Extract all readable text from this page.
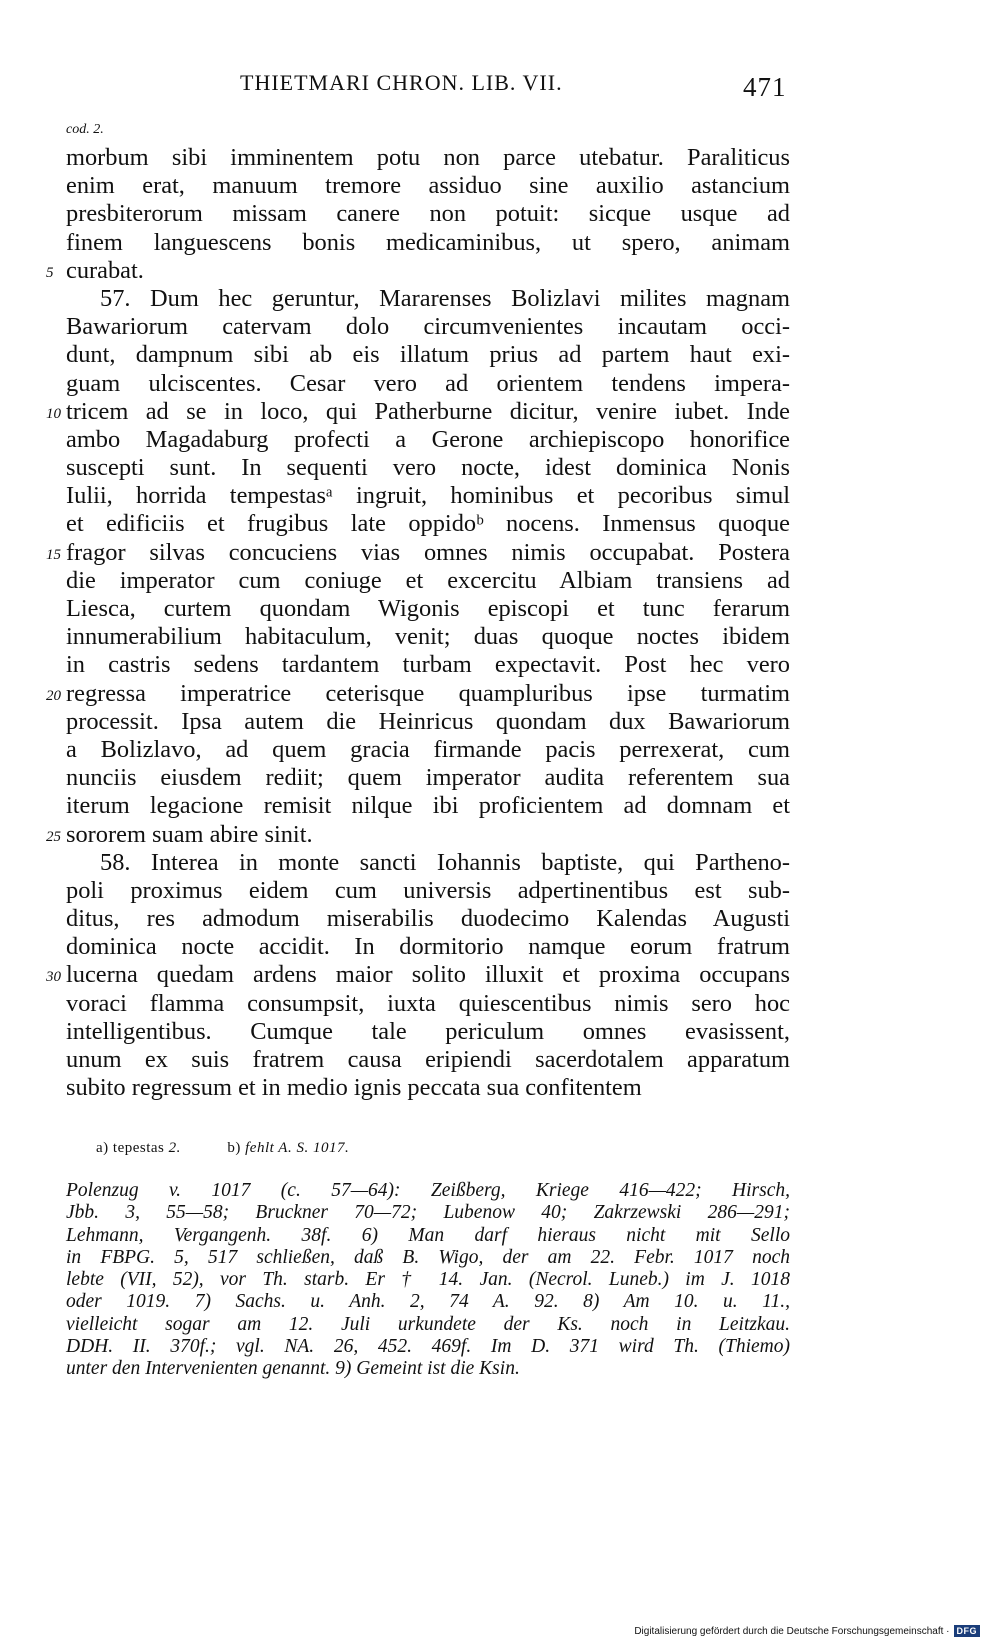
THIETMARI CHRON. LIB. VII.	471
cod. 2.
morbum sibi imminentem potu non parce utebatur. Paraliticus
enim erat, manuum tremore assiduo sine auxilio astancium
presbiterorum missam canere non potuit: sicque usque ad
finem languescens bonis medicaminibus, ut spero, animam
5 curabat.
57. Dum hec geruntur, Mararenses Bolizlavi milites magnam
Bawariorum catervam dolo circumvenientes incautam occi-
dunt, dampnum sibi ab eis illatum prius ad partem haut exi-
guam ulciscentes. Cesar vero ad orientem tendens impera-
10 tricem ad se in loco, qui Patherburne dicitur, venire iubet. Inde
ambo Magadaburg profecti a Gerone archiepiscopo honorifice
suscepti sunt. In sequenti vero nocte, idest dominica Nonis
Iulii, horrida tempestasᵃ ingruit, hominibus et pecoribus simul
et edificiis et frugibus late oppidoᵇ nocens. Inmensus quoque
15 fragor silvas concuciens vias omnes nimis occupabat. Postera
die imperator cum coniuge et excercitu Albiam transiens ad
Liesca, curtem quondam Wigonis episcopi et tunc ferarum
innumerabilium habitaculum, venit; duas quoque noctes ibidem
in castris sedens tardantem turbam expectavit. Post hec vero
20 regressa imperatrice ceterisque quampluribus ipse turmatim
processit. Ipsa autem die Heinricus quondam dux Bawariorum
a Bolizlavo, ad quem gracia firmande pacis perrexerat, cum
nunciis eiusdem rediit; quem imperator audita referentem sua
iterum legacione remisit nilque ibi proficientem ad domnam et
25 sororem suam abire sinit.
58. Interea in monte sancti Iohannis baptiste, qui Partheno-
poli proximus eidem cum universis adpertinentibus est sub-
ditus, res admodum miserabilis duodecimo Kalendas Augusti
dominica nocte accidit. In dormitorio namque eorum fratrum
30 lucerna quedam ardens maior solito illuxit et proxima occupans
voraci flamma consumpsit, iuxta quiescentibus nimis sero hoc
intelligentibus. Cumque tale periculum omnes evasissent,
unum ex suis fratrem causa eripiendi sacerdotalem apparatum
subito regressum et in medio ignis peccata sua confitentem
a) tepestas 2.	b) fehlt A. S. 1017.
Polenzug v. 1017 (c. 57—64): Zeißberg, Kriege 416—422; Hirsch,
Jbb. 3, 55—58; Bruckner 70—72; Lubenow 40; Zakrzewski 286—291;
Lehmann, Vergangenh. 38f. 6) Man darf hieraus nicht mit Sello
in FBPG. 5, 517 schließen, daß B. Wigo, der am 22. Febr. 1017 noch
lebte (VII, 52), vor Th. starb. Er † 14. Jan. (Necrol. Luneb.) im J. 1018
oder 1019. 7) Sachs. u. Anh. 2, 74 A. 92. 8) Am 10. u. 11.,
vielleicht sogar am 12. Juli urkundete der Ks. noch in Leitzkau.
DDH. II. 370f.; vgl. NA. 26, 452. 469f. Im D. 371 wird Th. (Thiemo)
unter den Intervenienten genannt. 9) Gemeint ist die Ksin.
Digitalisierung gefördert durch die Deutsche Forschungsgemeinschaft · DFG
